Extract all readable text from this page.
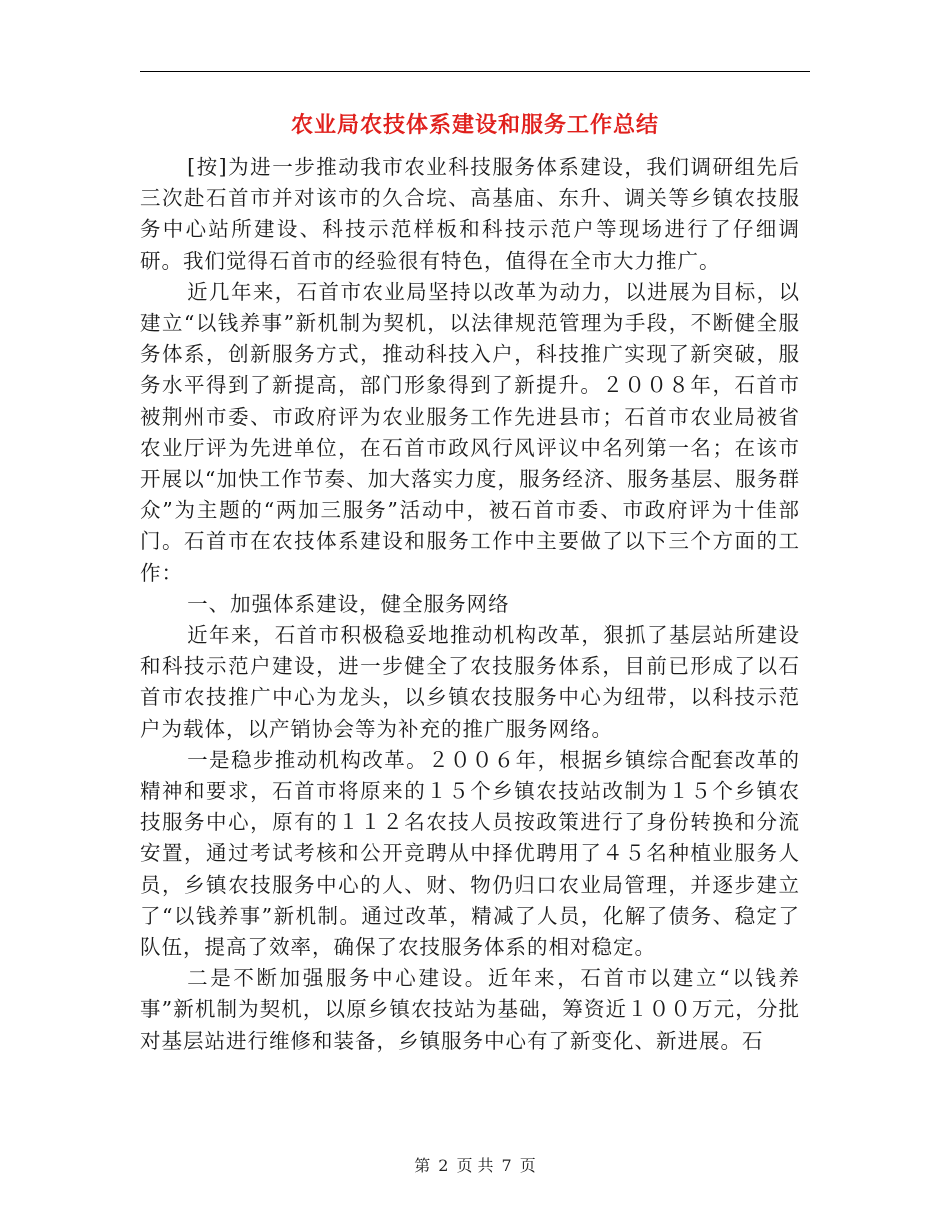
农业局农技体系建设和服务工作总结

[按]为进一步推动我市农业科技服务体系建设，我们调研组先后三次赴石首市并对该市的久合垸、高基庙、东升、调关等乡镇农技服务中心站所建设、科技示范样板和科技示范户等现场进行了仔细调研。我们觉得石首市的经验很有特色，值得在全市大力推广。

近几年来，石首市农业局坚持以改革为动力，以进展为目标，以建立“以钱养事”新机制为契机，以法律规范管理为手段，不断健全服务体系，创新服务方式，推动科技入户，科技推广实现了新突破，服务水平得到了新提高，部门形象得到了新提升。２００８年，石首市被荆州市委、市政府评为农业服务工作先进县市；石首市农业局被省农业厅评为先进单位，在石首市政风行风评议中名列第一名；在该市开展以“加快工作节奏、加大落实力度，服务经济、服务基层、服务群众”为主题的“两加三服务”活动中，被石首市委、市政府评为十佳部门。石首市在农技体系建设和服务工作中主要做了以下三个方面的工作：

一、加强体系建设，健全服务网络

近年来，石首市积极稳妥地推动机构改革，狠抓了基层站所建设和科技示范户建设，进一步健全了农技服务体系，目前已形成了以石首市农技推广中心为龙头，以乡镇农技服务中心为纽带，以科技示范户为载体，以产销协会等为补充的推广服务网络。

一是稳步推动机构改革。２００６年，根据乡镇综合配套改革的精神和要求，石首市将原来的１５个乡镇农技站改制为１５个乡镇农技服务中心，原有的１１２名农技人员按政策进行了身份转换和分流安置，通过考试考核和公开竞聘从中择优聘用了４５名种植业服务人员，乡镇农技服务中心的人、财、物仍归口农业局管理，并逐步建立了“以钱养事”新机制。通过改革，精减了人员，化解了债务、稳定了队伍，提高了效率，确保了农技服务体系的相对稳定。

二是不断加强服务中心建设。近年来，石首市以建立“以钱养事”新机制为契机，以原乡镇农技站为基础，筹资近１００万元，分批对基层站进行维修和装备，乡镇服务中心有了新变化、新进展。石

第 2 页 共 7 页
